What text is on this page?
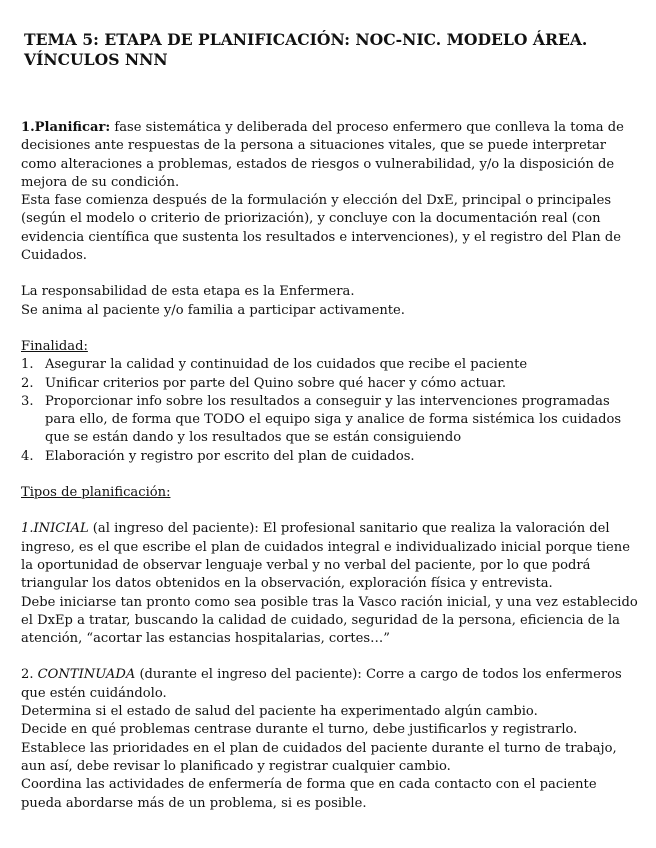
TEMA 5: ETAPA DE PLANIFICACIÓN: NOC-NIC. MODELO ÁREA.
VÍNCULOS NNN

1.Planificar: fase sistemática y deliberada del proceso enfermero que conlleva la toma de decisiones ante respuestas de la persona a situaciones vitales, que se puede interpretar como alteraciones a problemas, estados de riesgos o vulnerabilidad, y/o la disposición de mejora de su condición.

Esta fase comienza después de la formulación y elección del DxE, principal o principales (según el modelo o criterio de priorización), y concluye con la documentación real (con evidencia científica que sustenta los resultados e intervenciones), y el registro del Plan de Cuidados.

La responsabilidad de esta etapa es la Enfermera.

Se anima al paciente y/o familia a participar activamente.

Finalidad:

1. Asegurar la calidad y continuidad de los cuidados que recibe el paciente
2. Unificar criterios por parte del Quino sobre qué hacer y cómo actuar.
3. Proporcionar info sobre los resultados a conseguir y las intervenciones programadas para ello, de forma que TODO el equipo siga y analice de forma sistémica los cuidados que se están dando y los resultados que se están consiguiendo
4. Elaboración y registro por escrito del plan de cuidados.

Tipos de planificación:

1.INICIAL (al ingreso del paciente): El profesional sanitario que realiza la valoración del ingreso, es el que escribe el plan de cuidados integral e individualizado inicial porque tiene la oportunidad de observar lenguaje verbal y no verbal del paciente, por lo que podrá triangular los datos obtenidos en la observación, exploración física y entrevista.

Debe iniciarse tan pronto como sea posible tras la Vasco ración inicial, y una vez establecido el DxEp a tratar, buscando la calidad de cuidado, seguridad de la persona, eficiencia de la atención, “acortar las estancias hospitalarias, cortes…”

2. CONTINUADA (durante el ingreso del paciente): Corre a cargo de todos los enfermeros que estén cuidándolo.

Determina si el estado de salud del paciente ha experimentado algún cambio.

Decide en qué problemas centrase durante el turno, debe justificarlos y registrarlo.

Establece las prioridades en el plan de cuidados del paciente durante el turno de trabajo, aun así, debe revisar lo planificado y registrar cualquier cambio.

Coordina las actividades de enfermería de forma que en cada contacto con el paciente pueda abordarse más de un problema, si es posible.
